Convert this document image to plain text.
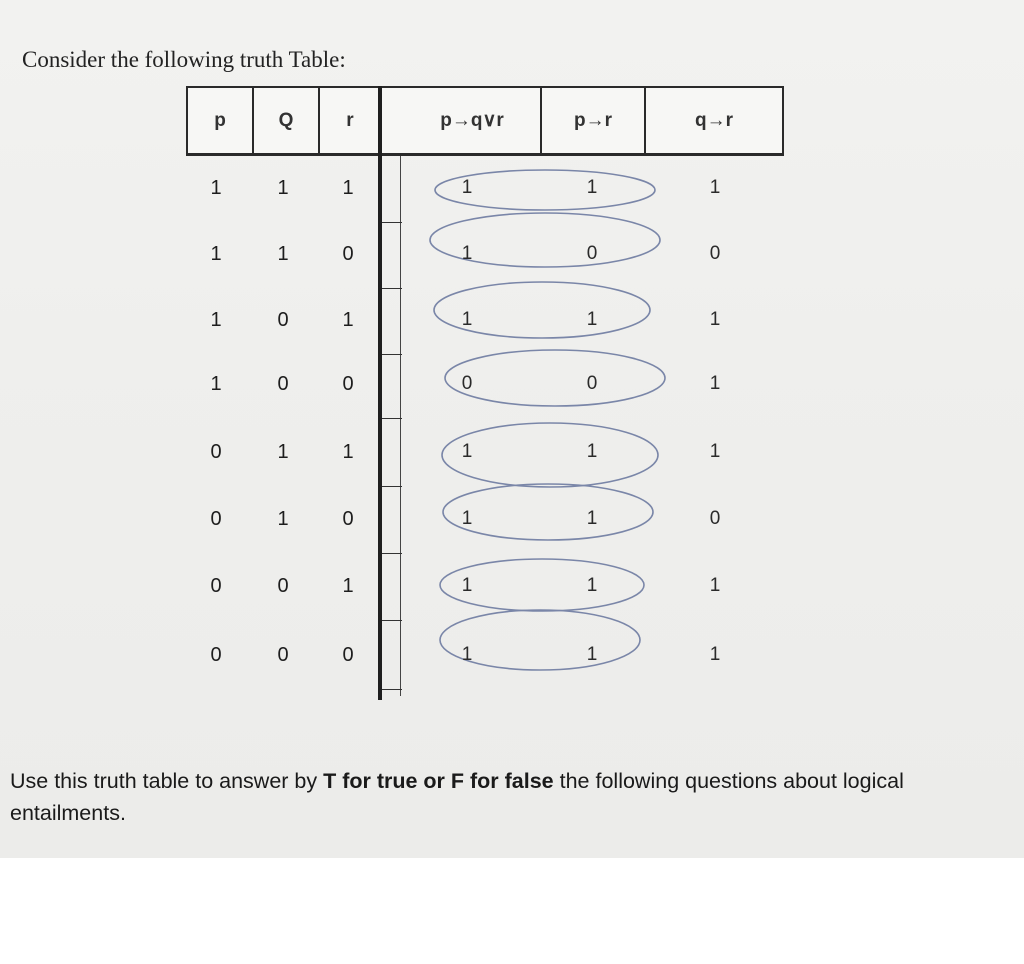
Consider the following truth Table:
p	Q	r	p→q∨r	p→r	q→r
1	1	1	1	1	1
1	1	0	1	0	0
1	0	1	1	1	1
1	0	0	0	0	1
0	1	1	1	1	1
0	1	0	1	1	0
0	0	1	1	1	1
0	0	0	1	1	1
Use this truth table to answer by T for true or F for false the following questions about logical entailments.
